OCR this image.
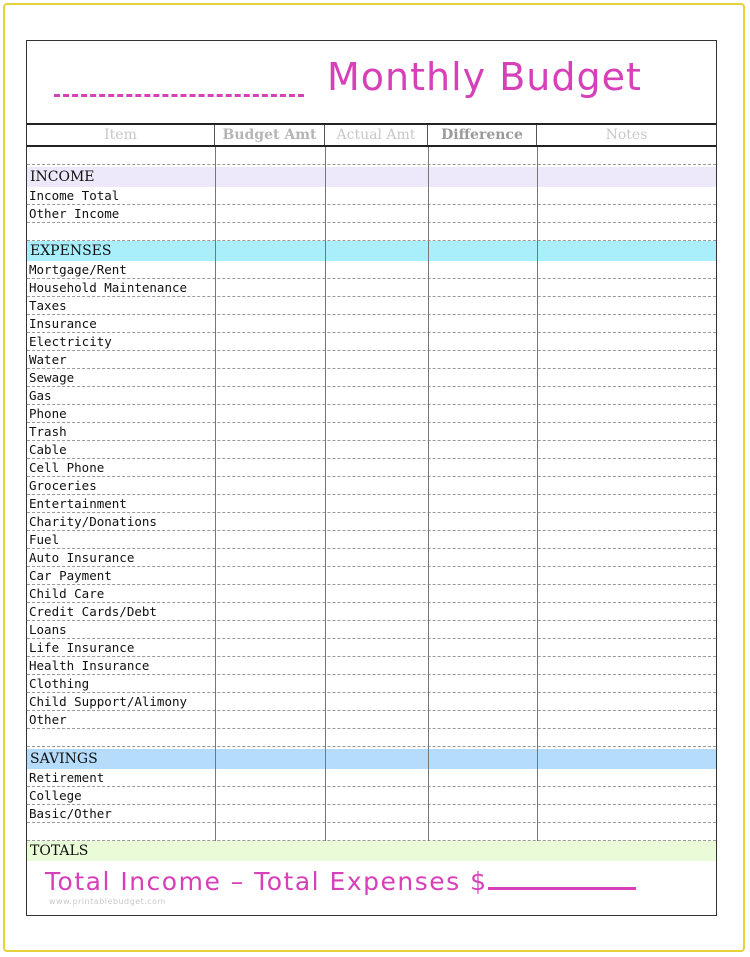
Monthly Budget
Item	Budget Amt	Actual Amt	Difference	Notes
INCOME
Income Total
Other Income
EXPENSES
Mortgage/Rent
Household Maintenance
Taxes
Insurance
Electricity
Water
Sewage
Gas
Phone
Trash
Cable
Cell Phone
Groceries
Entertainment
Charity/Donations
Fuel
Auto Insurance
Car Payment
Child Care
Credit Cards/Debt
Loans
Life Insurance
Health Insurance
Clothing
Child Support/Alimony
Other
SAVINGS
Retirement
College
Basic/Other
TOTALS
Total Income – Total Expenses $
www.printablebudget.com
